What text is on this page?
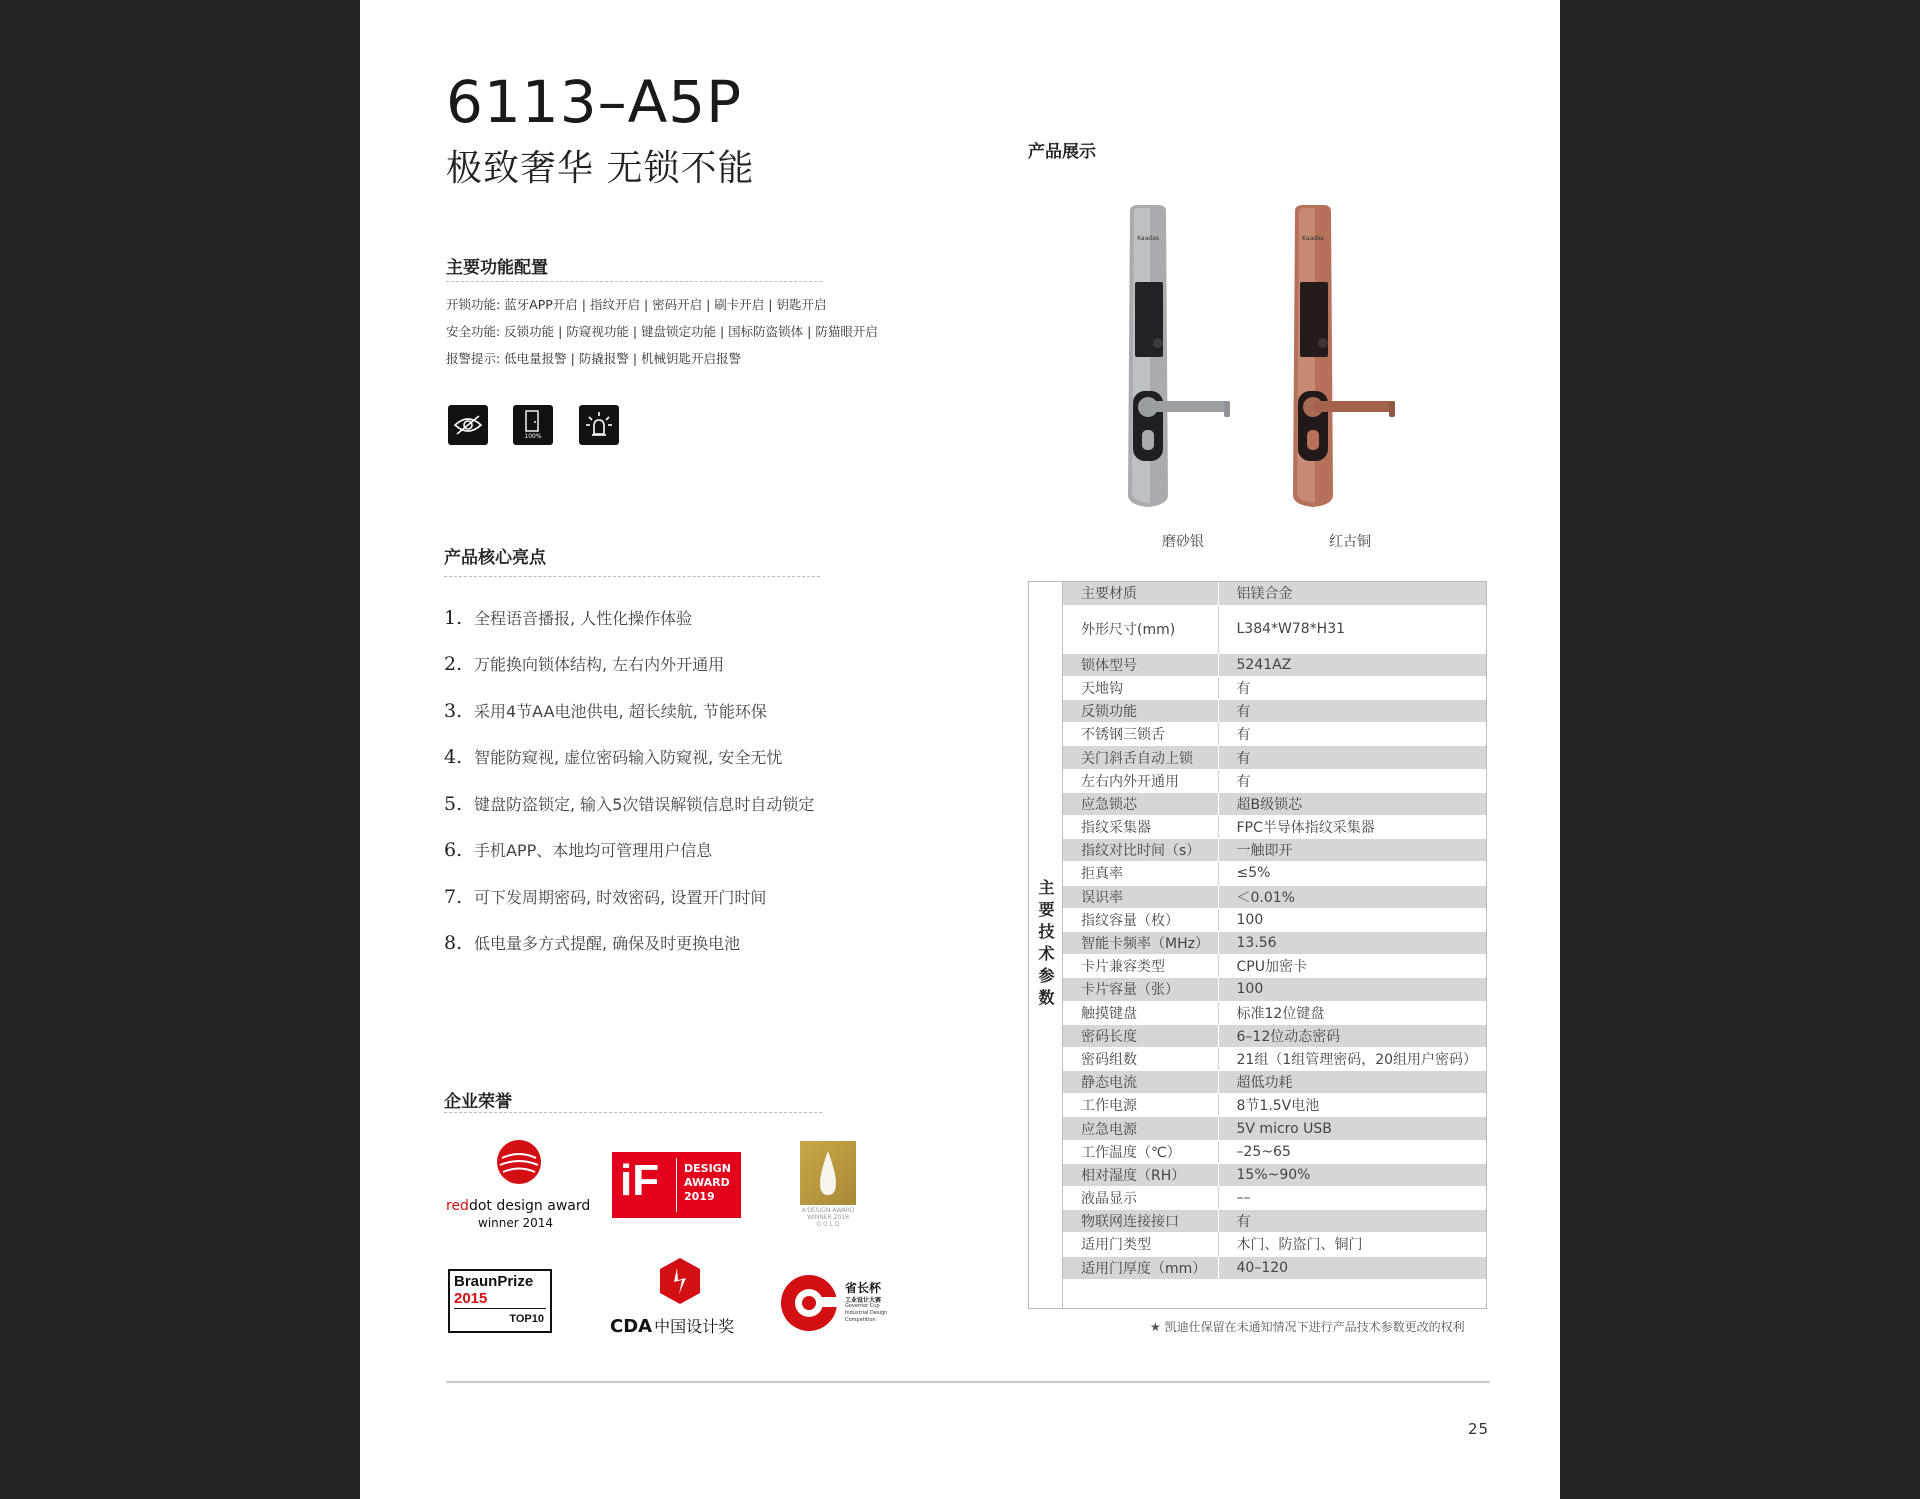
6113–A5P
极致奢华 无锁不能
主要功能配置
开锁功能: 蓝牙APP开启 | 指纹开启 | 密码开启 | 刷卡开启 | 钥匙开启
安全功能: 反锁功能 | 防窥视功能 | 键盘锁定功能 | 国标防盗锁体 | 防猫眼开启
报警提示: 低电量报警 | 防撬报警 | 机械钥匙开启报警
100%
产品核心亮点
1. 全程语音播报, 人性化操作体验
2. 万能换向锁体结构, 左右内外开通用
3. 采用4节AA电池供电, 超长续航, 节能环保
4. 智能防窥视, 虚位密码输入防窥视, 安全无忧
5. 键盘防盗锁定, 输入5次错误解锁信息时自动锁定
6. 手机APP、本地均可管理用户信息
7. 可下发周期密码, 时效密码, 设置开门时间
8. 低电量多方式提醒, 确保及时更换电池
企业荣誉
reddot design award
winner 2014
iF DESIGN
AWARD
2019
A'DESIGN AWARD
WINNER 2016
G O L D
BraunPrize
2015
TOP10	CDA 中国设计奖
省长杯
工业设计大赛
Governor Cup
Industrial Design
Competition
产品展示
Kaadas
磨砂银
Kaadas
红古铜
主要技术参数
主要材质	铝镁合金
外形尺寸(mm)	L384*W78*H31
锁体型号	5241AZ
天地钩	有
反锁功能	有
不锈钢三锁舌	有
关门斜舌自动上锁	有
左右内外开通用	有
应急锁芯	超B级锁芯
指纹采集器	FPC半导体指纹采集器
指纹对比时间（s）	一触即开
拒真率	≤5%
误识率	＜0.01%
指纹容量（枚）	100
智能卡频率（MHz）	13.56
卡片兼容类型	CPU加密卡
卡片容量（张）	100
触摸键盘	标准12位键盘
密码长度	6–12位动态密码
密码组数	21组（1组管理密码，20组用户密码）
静态电流	超低功耗
工作电源	8节1.5V电池
应急电源	5V micro USB
工作温度（℃）	–25~65
相对湿度（RH）	15%~90%
液晶显示	––
物联网连接接口	有
适用门类型	木门、防盗门、铜门
适用门厚度（mm）	40–120
★ 凯迪仕保留在未通知情况下进行产品技术参数更改的权利
25
